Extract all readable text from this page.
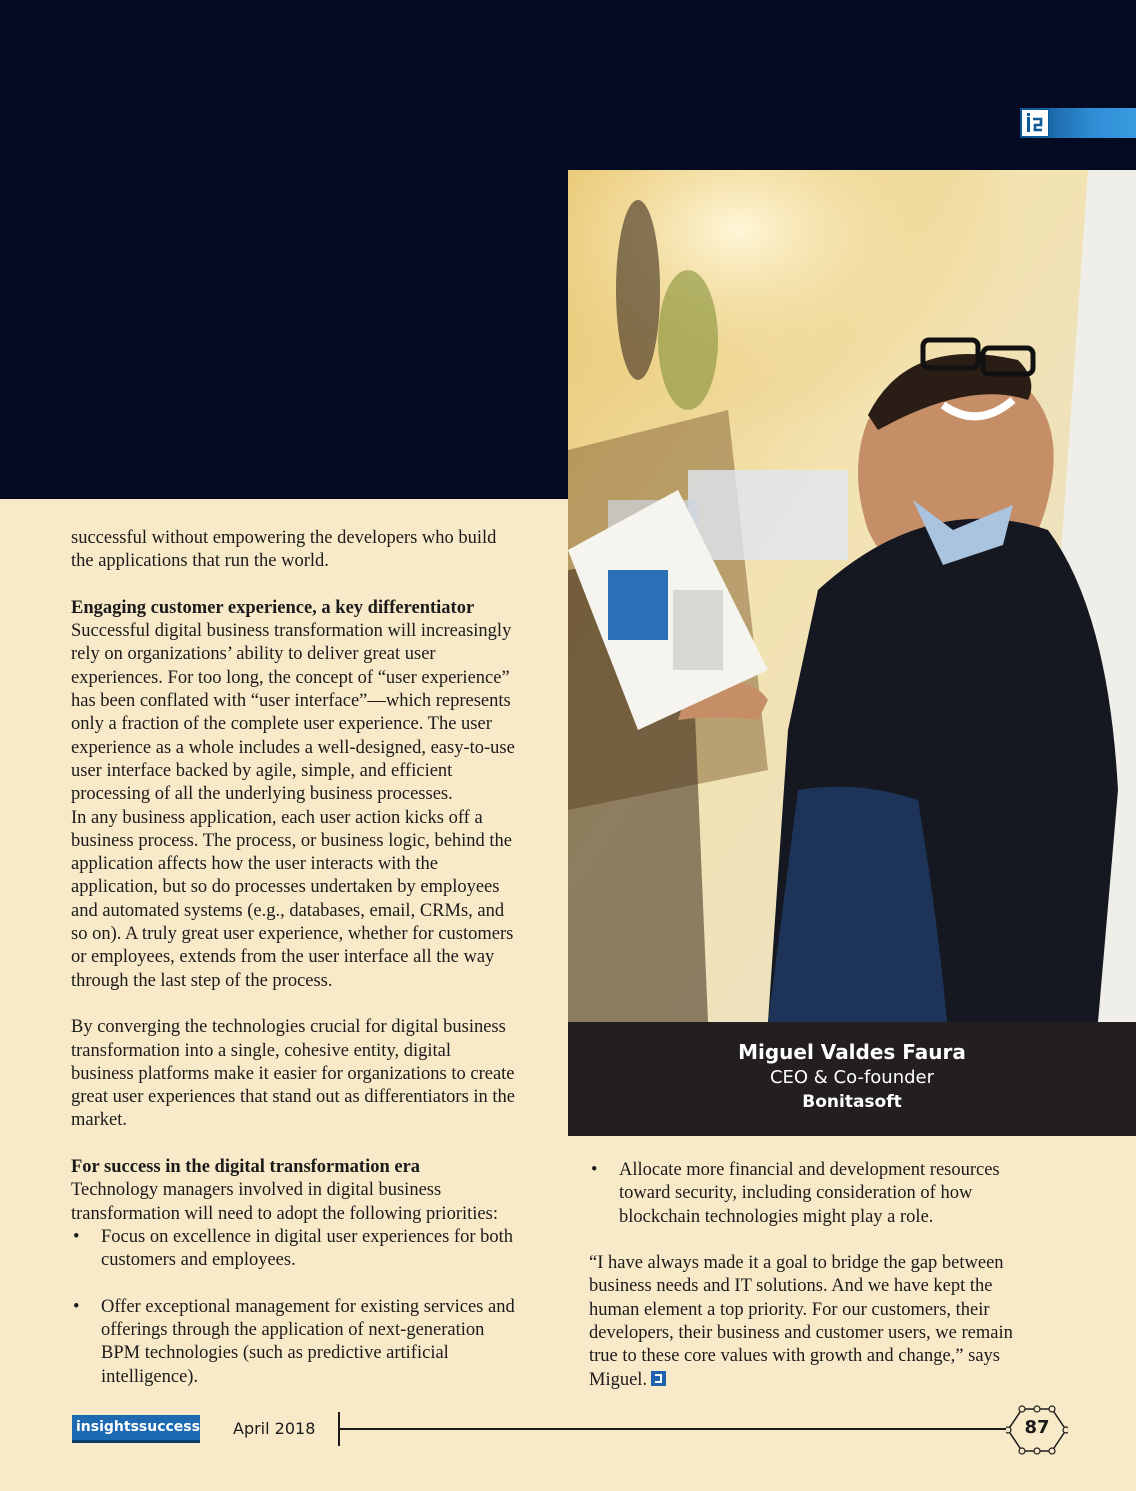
Miguel Valdes Faura
CEO & Co-founder
Bonitasoft

successful without empowering the developers who build

the applications that run the world.

Engaging customer experience, a key differentiator

Successful digital business transformation will increasingly

rely on organizations’ ability to deliver great user

experiences. For too long, the concept of “user experience”

has been conflated with “user interface”—which represents

only a fraction of the complete user experience. The user

experience as a whole includes a well-designed, easy-to-use

user interface backed by agile, simple, and efficient

processing of all the underlying business processes.

In any business application, each user action kicks off a

business process. The process, or business logic, behind the

application affects how the user interacts with the

application, but so do processes undertaken by employees

and automated systems (e.g., databases, email, CRMs, and

so on). A truly great user experience, whether for customers

or employees, extends from the user interface all the way

through the last step of the process.

By converging the technologies crucial for digital business

transformation into a single, cohesive entity, digital

business platforms make it easier for organizations to create

great user experiences that stand out as differentiators in the

market.

For success in the digital transformation era

Technology managers involved in digital business

transformation will need to adopt the following priorities:

• Focus on excellence in digital user experiences for both

customers and employees.

• Offer exceptional management for existing services and

offerings through the application of next-generation

BPM technologies (such as predictive artificial

intelligence).

• Allocate more financial and development resources

toward security, including consideration of how

blockchain technologies might play a role.

“I have always made it a goal to bridge the gap between

business needs and IT solutions. And we have kept the

human element a top priority. For our customers, their

developers, their business and customer users, we remain

true to these core values with growth and change,” says

Miguel.

insightssuccess April 2018	87
